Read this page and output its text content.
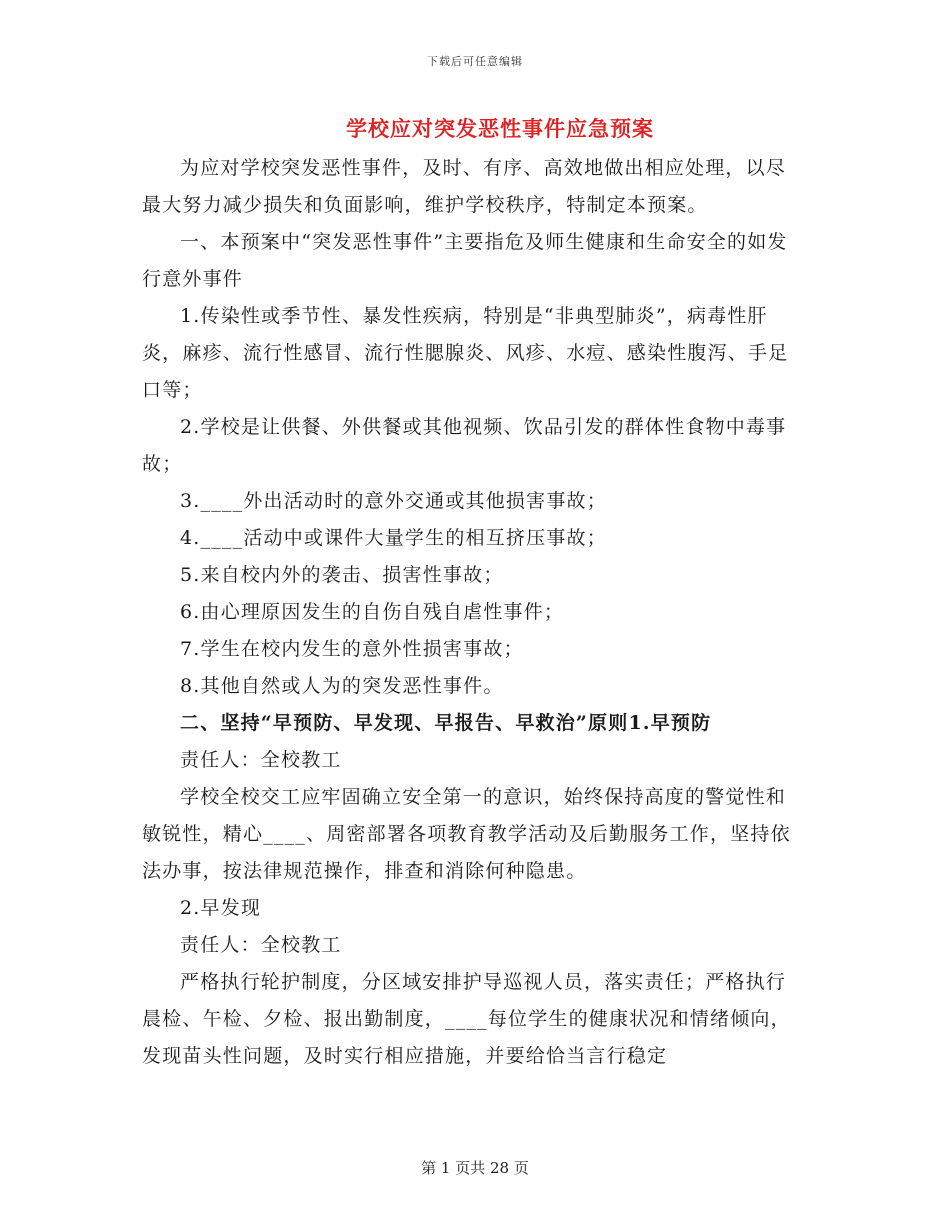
下载后可任意编辑
学校应对突发恶性事件应急预案

为应对学校突发恶性事件，及时、有序、高效地做出相应处理，以尽最大努力减少损失和负面影响，维护学校秩序，特制定本预案。

一、本预案中“突发恶性事件”主要指危及师生健康和生命安全的如发行意外事件

1.传染性或季节性、暴发性疾病，特别是“非典型肺炎”，病毒性肝炎，麻疹、流行性感冒、流行性腮腺炎、风疹、水痘、感染性腹泻、手足口等；

2.学校是让供餐、外供餐或其他视频、饮品引发的群体性食物中毒事故；

3.____外出活动时的意外交通或其他损害事故；

4.____活动中或课件大量学生的相互挤压事故；

5.来自校内外的袭击、损害性事故；

6.由心理原因发生的自伤自残自虐性事件；

7.学生在校内发生的意外性损害事故；

8.其他自然或人为的突发恶性事件。

二、坚持“早预防、早发现、早报告、早救治”原则1.早预防

责任人：全校教工

学校全校交工应牢固确立安全第一的意识，始终保持高度的警觉性和敏锐性，精心____、周密部署各项教育教学活动及后勤服务工作，坚持依法办事，按法律规范操作，排查和消除何种隐患。

2.早发现

责任人：全校教工

严格执行轮护制度，分区域安排护导巡视人员，落实责任；严格执行晨检、午检、夕检、报出勤制度，____每位学生的健康状况和情绪倾向，发现苗头性问题，及时实行相应措施，并要给恰当言行稳定

第 1 页共 28 页
